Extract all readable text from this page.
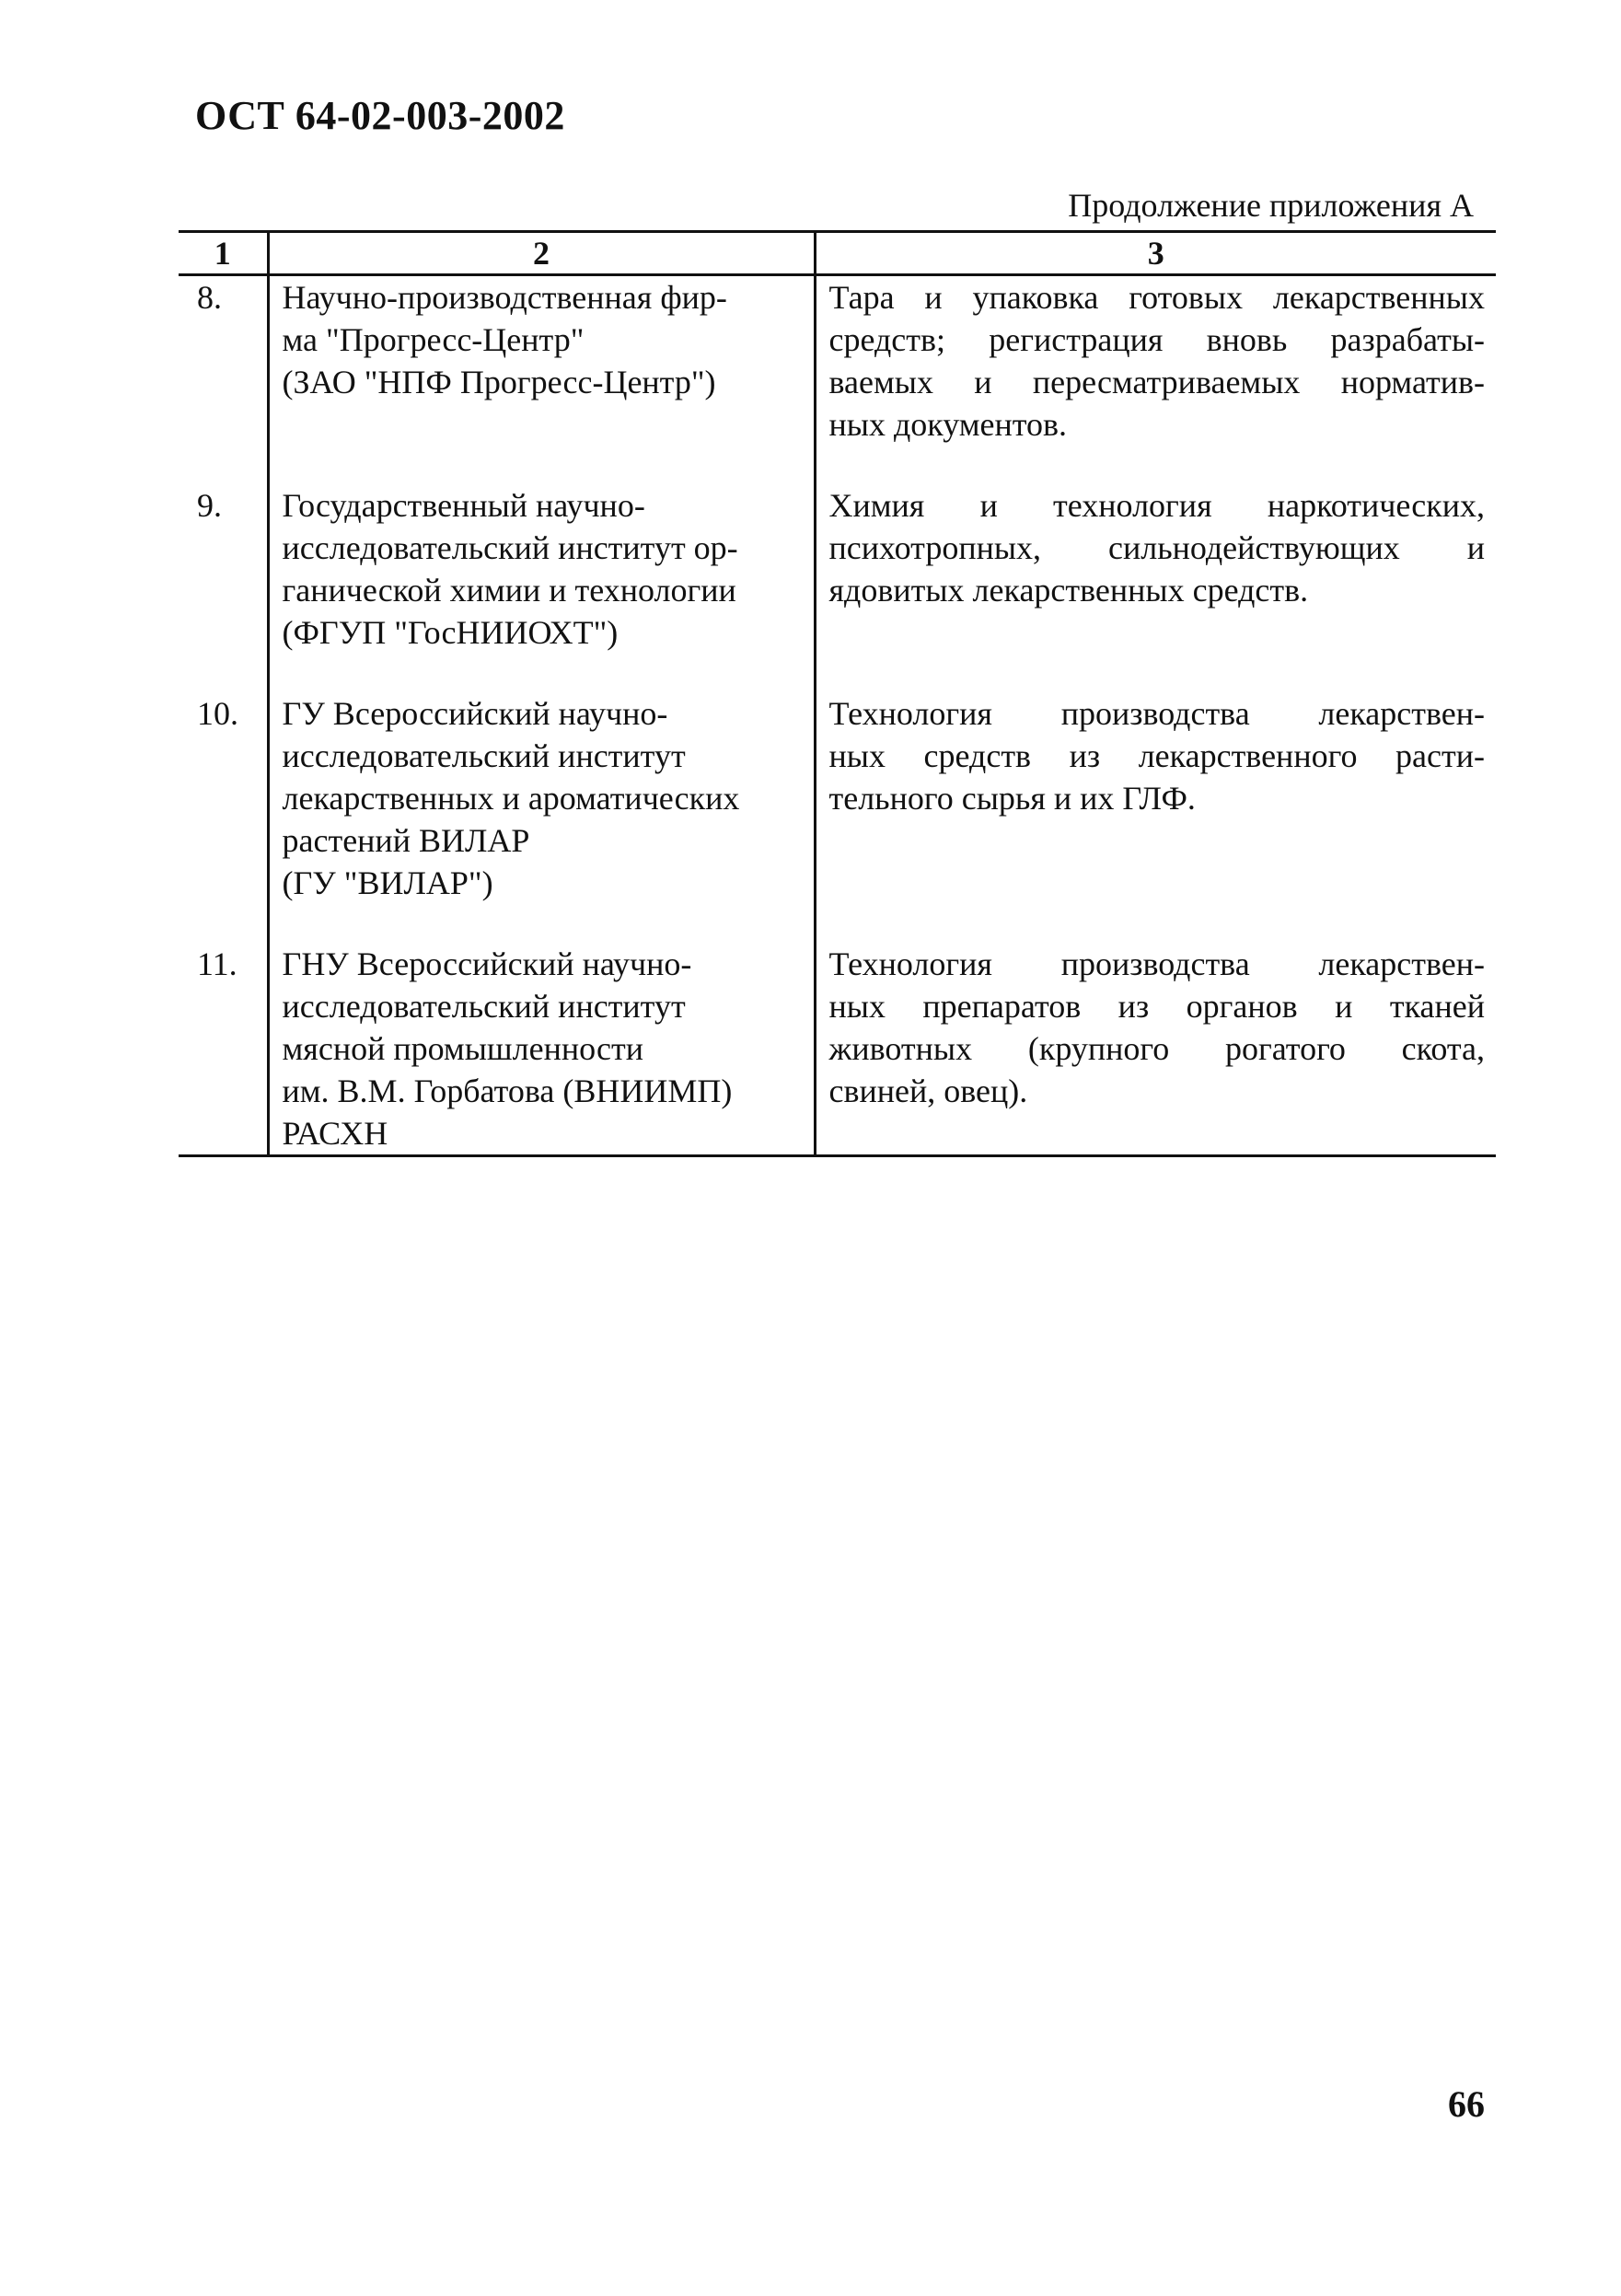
ОСТ 64-02-003-2002
Продолжение приложения А
1	2	3
8.	Научно-производственная фир-
ма "Прогресс-Центр"
(ЗАО "НПФ Прогресс-Центр")	Тара и упаковка готовых лекарственных
средств; регистрация вновь разрабаты-
ваемых и пересматриваемых норматив-
ных документов.

9.	Государственный научно-
исследовательский институт ор-
ганической химии и технологии
(ФГУП "ГосНИИОХТ")	Химия и технология наркотических,
психотропных, сильнодействующих и
ядовитых лекарственных средств.

10.	ГУ Всероссийский научно-
исследовательский институт
лекарственных и ароматических
растений ВИЛАР
(ГУ "ВИЛАР")	Технология производства лекарствен-
ных средств из лекарственного расти-
тельного сырья и их ГЛФ.

11.	ГНУ Всероссийский научно-
исследовательский институт
мясной промышленности
им. В.М. Горбатова (ВНИИМП)
РАСХН	Технология производства лекарствен-
ных препаратов из органов и тканей
животных (крупного рогатого скота,
свиней, овец).
66
